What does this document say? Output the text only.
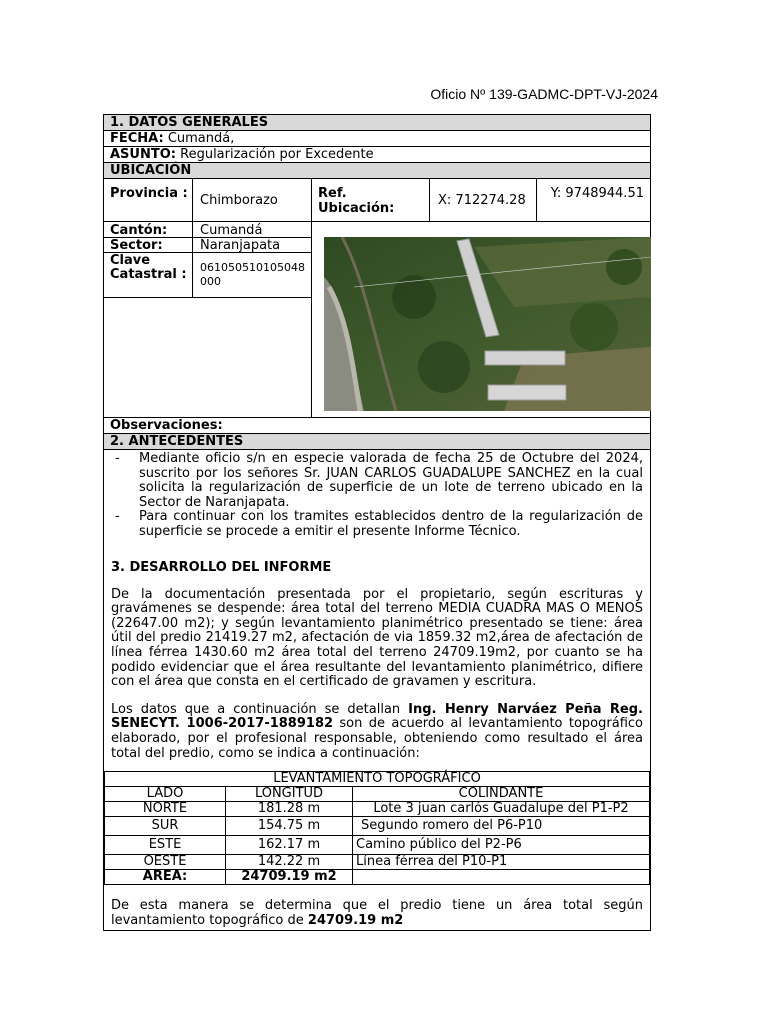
Oficio Nº 139-GADMC-DPT-VJ-2024
1. DATOS GENERALES
FECHA: Cumandá,
ASUNTO: Regularización por Excedente
UBICACIÓN
Provincia : Chimborazo	Ref. Ubicación:
X: 712274.28	Y: 9748944.51
Cantón:	Cumandá
Sector:	Naranjapata
Clave Catastral :	061050510105048000
Observaciones:
2. ANTECEDENTES
- Mediante oficio s/n en especie valorada de fecha 25 de Octubre del 2024, suscrito por los señores Sr. JUAN CARLOS GUADALUPE SANCHEZ en la cual solicita la regularización de superficie de un lote de terreno ubicado en la Sector de Naranjapata.
- Para continuar con los tramites establecidos dentro de la regularización de superficie se procede a emitir el presente Informe Técnico.
3. DESARROLLO DEL INFORME
De la documentación presentada por el propietario, según escrituras y gravámenes se despende: área total del terreno MEDIA CUADRA MAS O MENOS (22647.00 m2); y según levantamiento planimétrico presentado se tiene: área útil del predio 21419.27 m2, afectación de via 1859.32 m2,área de afectación de línea férrea 1430.60 m2 área total del terreno 24709.19m2, por cuanto se ha podido evidenciar que el área resultante del levantamiento planimétrico, difiere con el área que consta en el certificado de gravamen y escritura.
Los datos que a continuación se detallan Ing. Henry Narváez Peña Reg. SENECYT. 1006-2017-1889182 son de acuerdo al levantamiento topográfico elaborado, por el profesional responsable, obteniendo como resultado el área total del predio, como se indica a continuación:
LEVANTAMIENTO TOPOGRÁFICO		
LADO	LONGITUD	COLINDANTE
NORTE	181.28 m	Lote 3 juan carlós Guadalupe del P1-P2
SUR	154.75 m	Segundo romero del P6-P10
ESTE	162.17 m	Camino público del P2-P6
OESTE	142.22 m	Línea férrea del P10-P1
AREA:	24709.19 m2	
De esta manera se determina que el predio tiene un área total según levantamiento topográfico de 24709.19 m2
